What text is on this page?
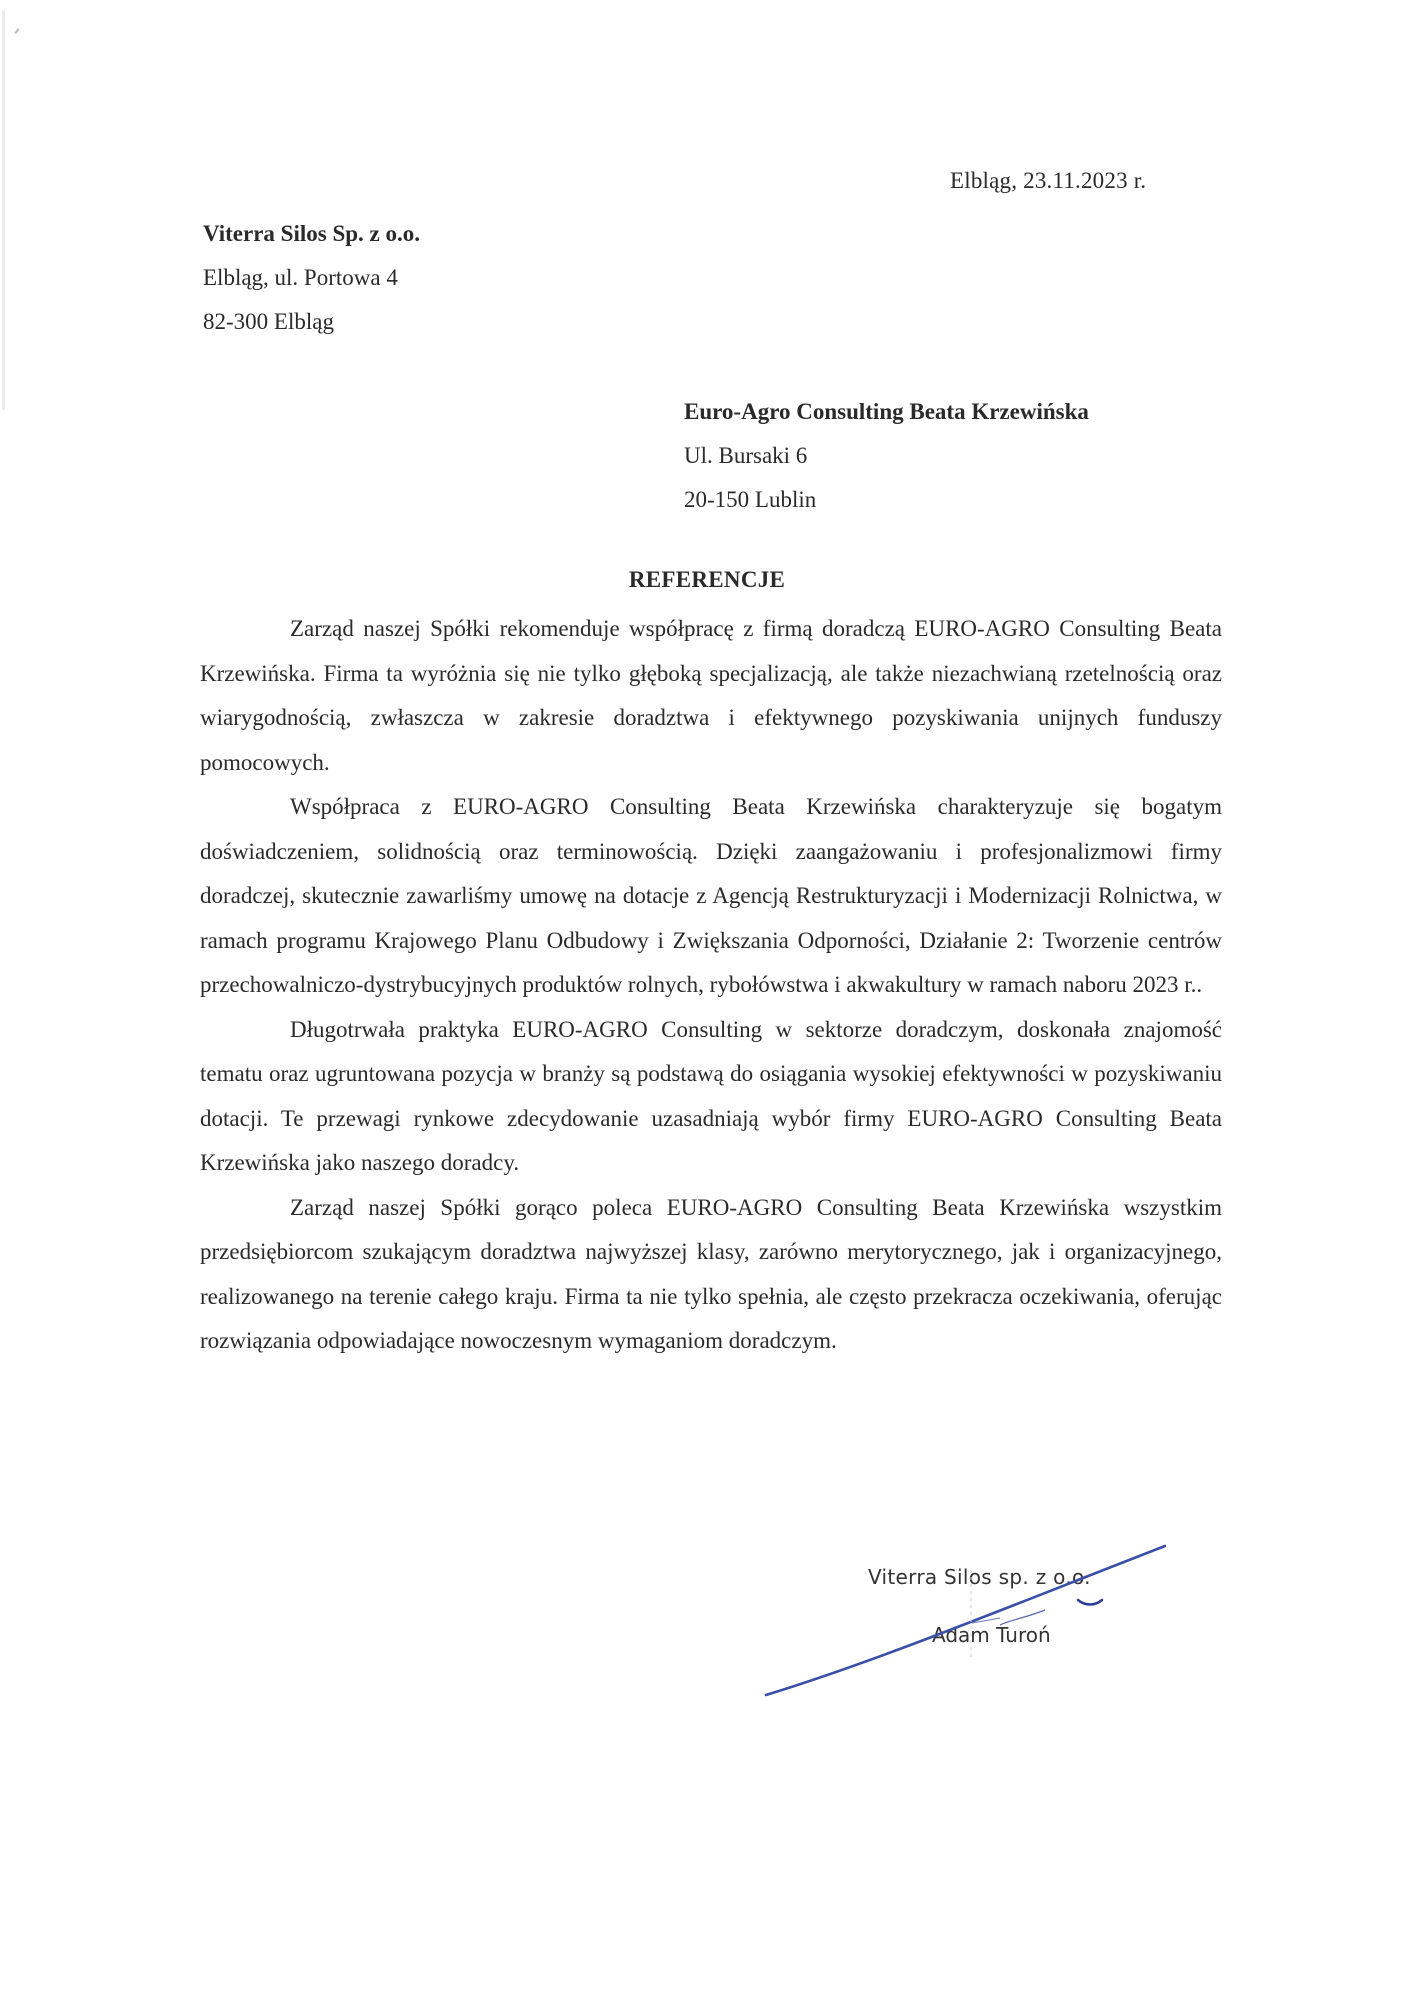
Elbląg, 23.11.2023 r.
Viterra Silos Sp. z o.o.
Elbląg, ul. Portowa 4
82-300 Elbląg
Euro-Agro Consulting Beata Krzewińska
Ul. Bursaki 6
20-150 Lublin
REFERENCJE

Zarząd naszej Spółki rekomenduje współpracę z firmą doradczą EURO-AGRO Consulting Beata Krzewińska. Firma ta wyróżnia się nie tylko głęboką specjalizacją, ale także niezachwianą rzetelnością oraz wiarygodnością, zwłaszcza w zakresie doradztwa i efektywnego pozyskiwania unijnych funduszy pomocowych.

Współpraca z EURO-AGRO Consulting Beata Krzewińska charakteryzuje się bogatym doświadczeniem, solidnością oraz terminowością. Dzięki zaangażowaniu i profesjonalizmowi firmy doradczej, skutecznie zawarliśmy umowę na dotacje z Agencją Restrukturyzacji i Modernizacji Rolnictwa, w ramach programu Krajowego Planu Odbudowy i Zwiększania Odporności, Działanie 2: Tworzenie centrów przechowalniczo-dystrybucyjnych produktów rolnych, rybołówstwa i akwakultury w ramach naboru 2023 r..

Długotrwała praktyka EURO-AGRO Consulting w sektorze doradczym, doskonała znajomość tematu oraz ugruntowana pozycja w branży są podstawą do osiągania wysokiej efektywności w pozyskiwaniu dotacji. Te przewagi rynkowe zdecydowanie uzasadniają wybór firmy EURO-AGRO Consulting Beata Krzewińska jako naszego doradcy.

Zarząd naszej Spółki gorąco poleca EURO-AGRO Consulting Beata Krzewińska wszystkim przedsiębiorcom szukającym doradztwa najwyższej klasy, zarówno merytorycznego, jak i organizacyjnego, realizowanego na terenie całego kraju. Firma ta nie tylko spełnia, ale często przekracza oczekiwania, oferując rozwiązania odpowiadające nowoczesnym wymaganiom doradczym.

Viterra Silos sp. z o.o.
Adam Turoń
